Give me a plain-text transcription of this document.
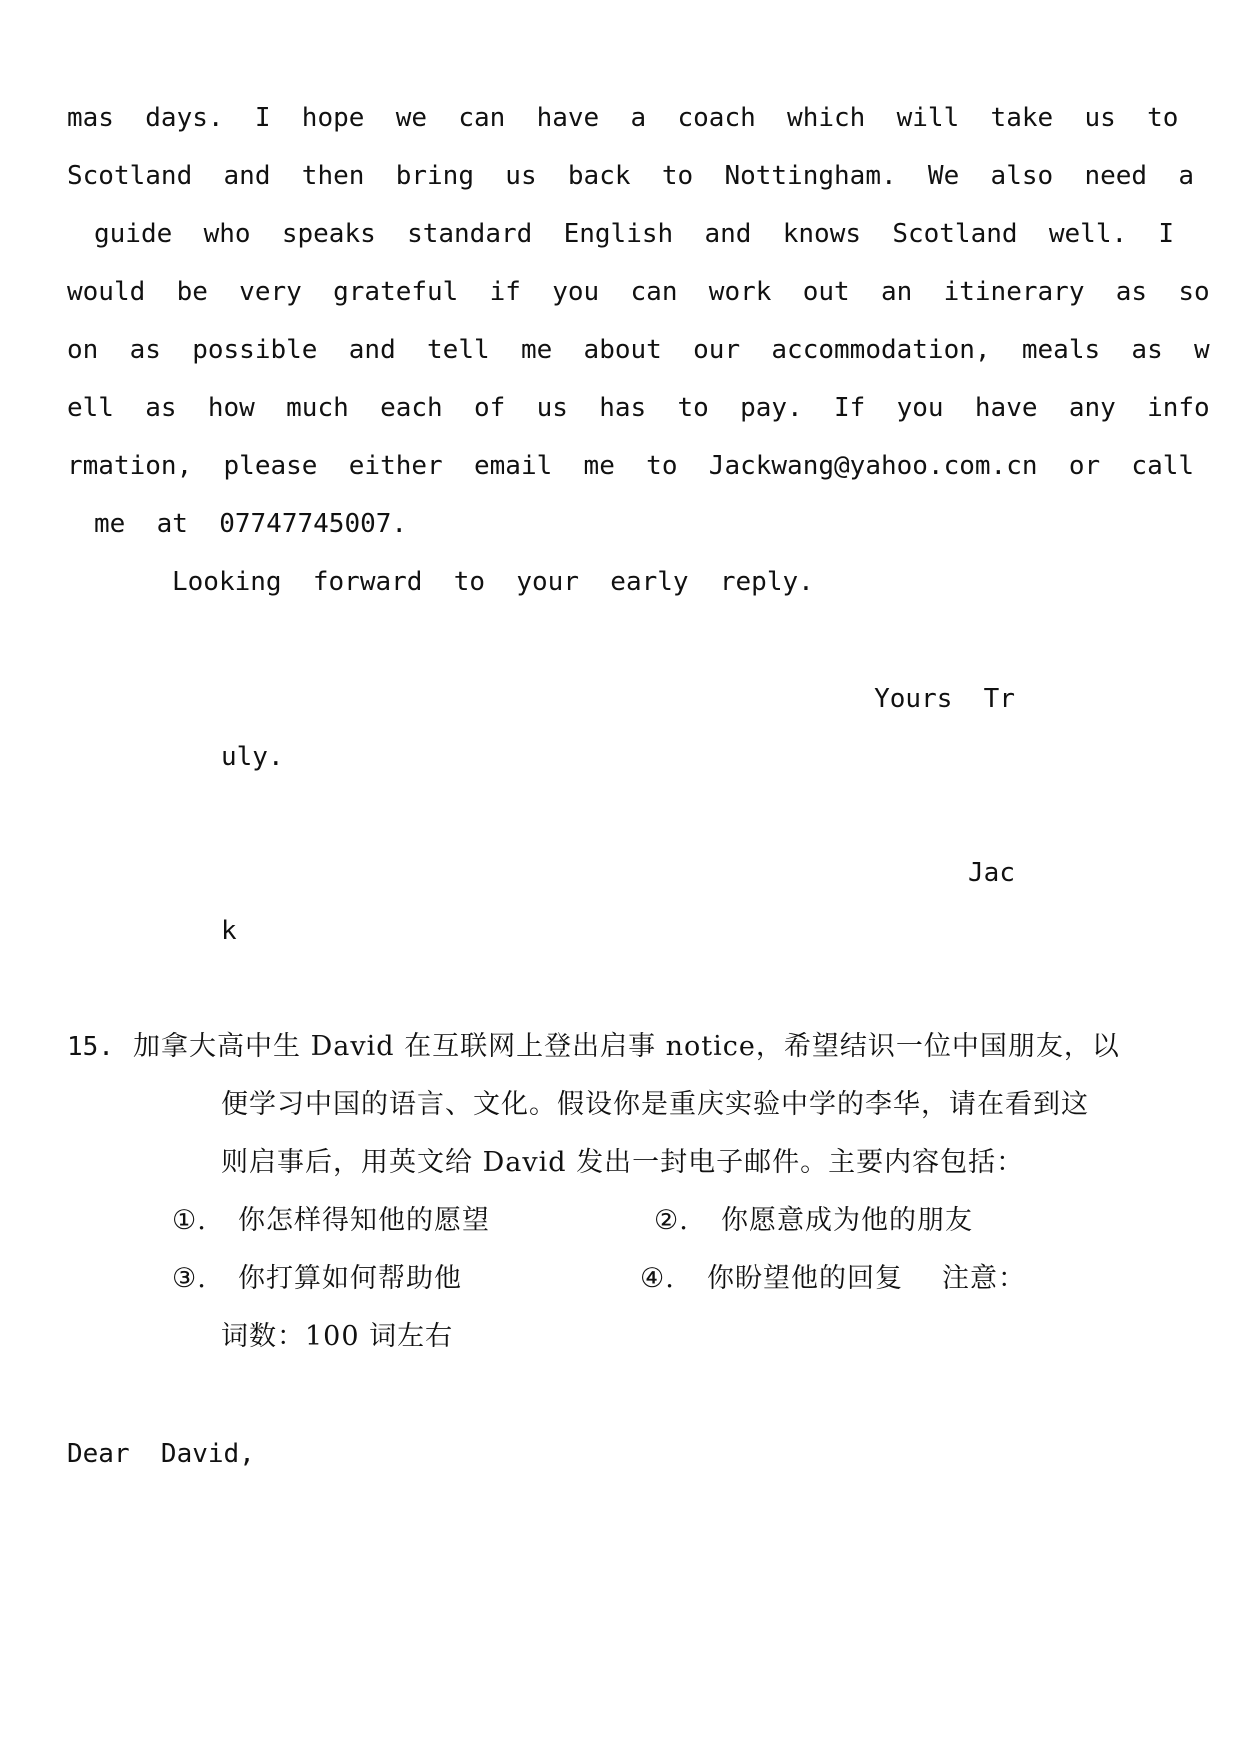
mas  days.  I  hope  we  can  have  a  coach  which  will  take  us  to
Scotland  and  then  bring  us  back  to  Nottingham.  We  also  need  a
guide  who  speaks  standard  English  and  knows  Scotland  well.  I
would  be  very  grateful  if  you  can  work  out  an  itinerary  as  so
on  as  possible  and  tell  me  about  our  accommodation,  meals  as  w
ell  as  how  much  each  of  us  has  to  pay.  If  you  have  any  info
rmation,  please  either  email  me  to  Jackwang@yahoo.com.cn  or  call
me  at  07747745007.
Looking  forward  to  your  early  reply.
Yours  Tr
uly.
Jac
k
15. 加拿大高中生 David 在互联网上登出启事 notice，希望结识一位中国朋友，以
便学习中国的语言、文化。假设你是重庆实验中学的李华，请在看到这
则启事后，用英文给 David 发出一封电子邮件。主要内容包括：
①. 你怎样得知他的愿望	②. 你愿意成为他的朋友
③. 你打算如何帮助他	④. 你盼望他的回复 注意：
词数：100 词左右
Dear  David,
